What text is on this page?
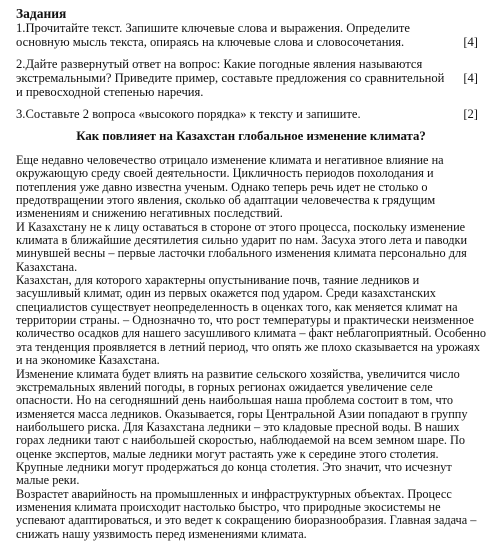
Задания

1.Прочитайте текст. Запишите ключевые слова и выражения. Определите основную мысль текста, опираясь на ключевые слова и словосочетания.	[4]
2.Дайте развернутый ответ на вопрос: Какие погодные явления называются экстремальными? Приведите пример, составьте предложения со сравнительной и превосходной степенью наречия.
[4]
3.Составьте 2 вопроса «высокого порядка» к тексту и запишите.	[2]

Как повлияет на Казахстан глобальное изменение климата?

Еще недавно человечество отрицало изменение климата и негативное влияние на окружающую среду своей деятельности. Цикличность периодов похолодания и потепления уже давно известна ученым. Однако теперь речь идет не столько о предотвращении этого явления, сколько об адаптации человечества к грядущим изменениям и снижению негативных последствий.

И Казахстану не к лицу оставаться в стороне от этого процесса, поскольку изменение климата в ближайшие десятилетия сильно ударит по нам. Засуха этого лета и паводки минувшей весны – первые ласточки глобального изменения климата персонально для Казахстана.

Казахстан, для которого характерны опустынивание почв, таяние ледников и засушливый климат, один из первых окажется под ударом. Среди казахстанских специалистов существует неопределенность в оценках того, как меняется климат на территории страны. – Однозначно то, что рост температуры и практически неизменное количество осадков для нашего засушливого климата – факт неблагоприятный. Особенно эта тенденция проявляется в летний период, что опять же плохо сказывается на урожаях и на экономике Казахстана.

Изменение климата будет влиять на развитие сельского хозяйства, увеличится число экстремальных явлений погоды, в горных регионах ожидается увеличение селе опасности. Но на сегодняшний день наибольшая наша проблема состоит в том, что изменяется масса ледников. Оказывается, горы Центральной Азии попадают в группу наибольшего риска. Для Казахстана ледники – это кладовые пресной воды. В наших горах ледники тают с наибольшей скоростью, наблюдаемой на всем земном шаре. По оценке экспертов, малые ледники могут растаять уже к середине этого столетия. Крупные ледники могут продержаться до конца столетия. Это значит, что исчезнут малые реки.

Возрастет аварийность на промышленных и инфраструктурных объектах. Процесс изменения климата происходит настолько быстро, что природные экосистемы не успевают адаптироваться, и это ведет к сокращению биоразнообразия. Главная задача – снижать нашу уязвимость перед изменениями климата.
